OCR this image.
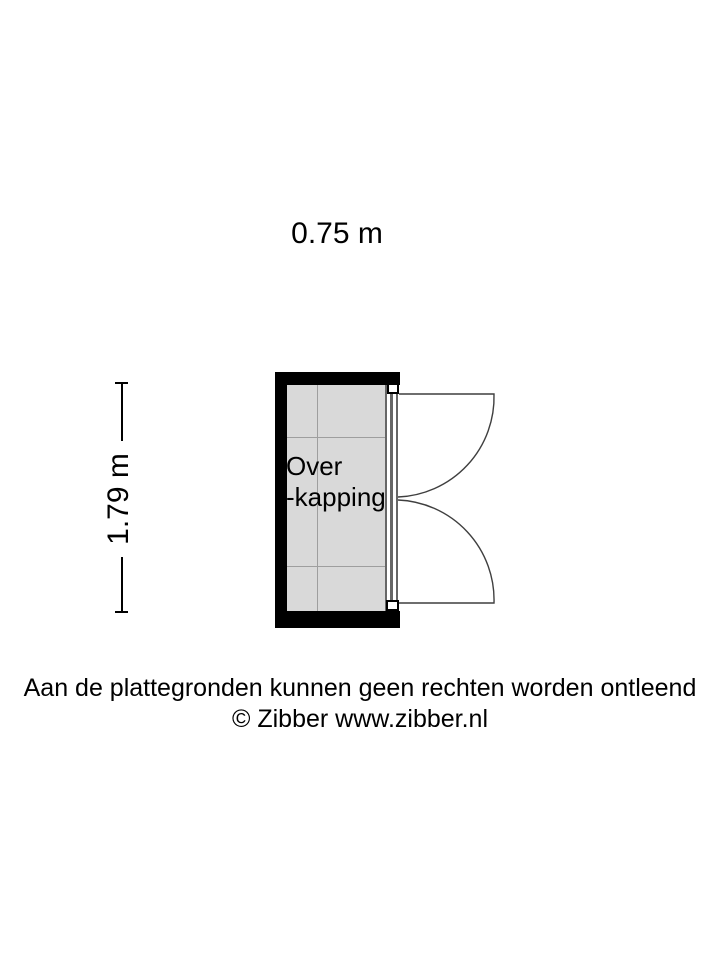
0.75 m
1.79 m	Over
-kapping
Aan de plattegronden kunnen geen rechten worden ontleend
© Zibber www.zibber.nl
